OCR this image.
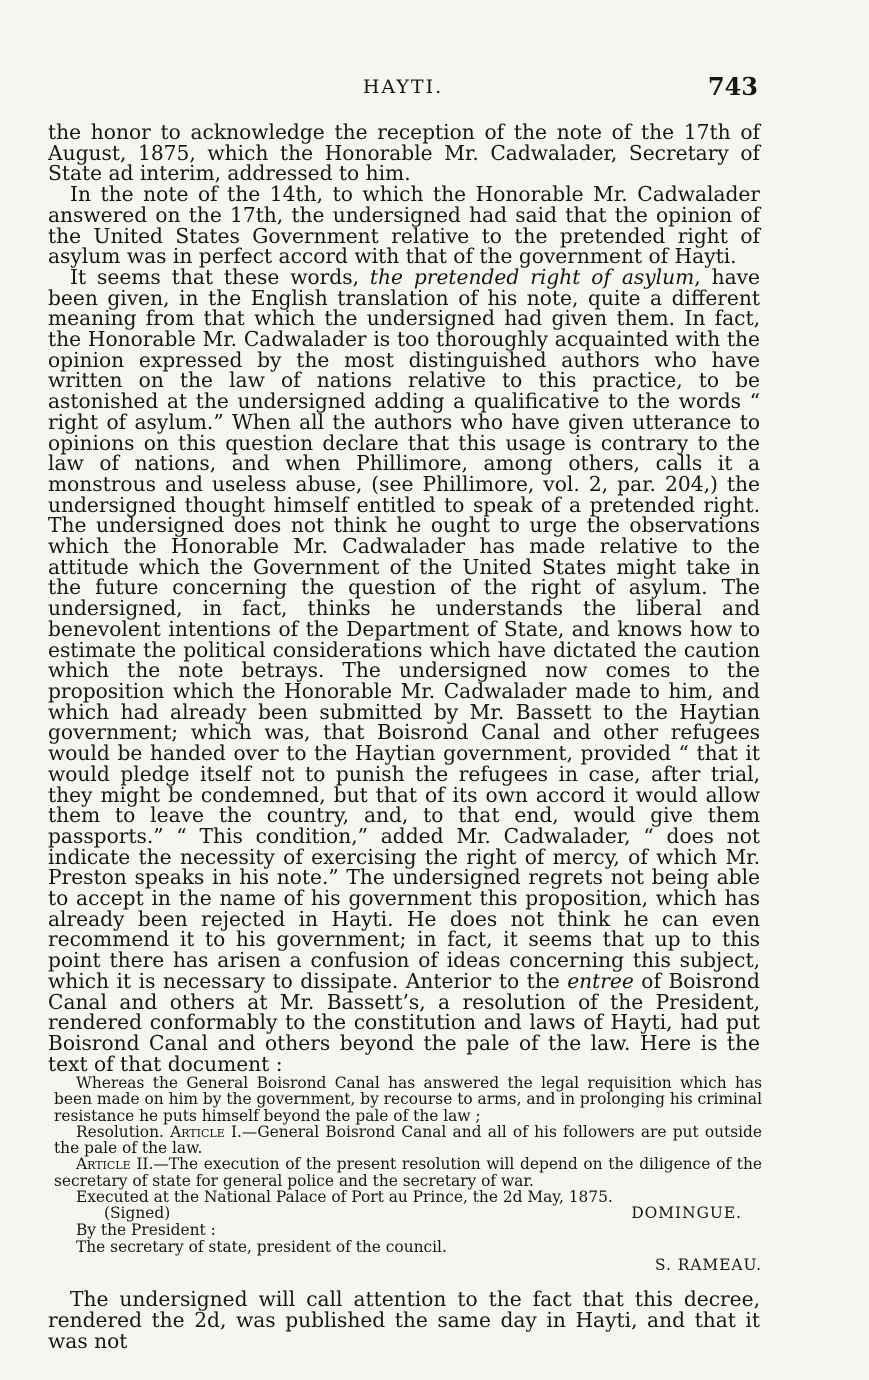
HAYTI.	743

the honor to acknowledge the reception of the note of the 17th of August, 1875, which the Honorable Mr. Cadwalader, Secretary of State ad interim, addressed to him.

In the note of the 14th, to which the Honorable Mr. Cadwalader answered on the 17th, the undersigned had said that the opinion of the United States Government relative to the pretended right of asylum was in perfect accord with that of the government of Hayti.

It seems that these words, the pretended right of asylum, have been given, in the English translation of his note, quite a different meaning from that which the undersigned had given them. In fact, the Honorable Mr. Cadwalader is too thoroughly acquainted with the opinion expressed by the most distinguished authors who have written on the law of nations relative to this practice, to be astonished at the undersigned adding a qualificative to the words “ right of asylum.” When all the authors who have given utterance to opinions on this question declare that this usage is contrary to the law of nations, and when Phillimore, among others, calls it a monstrous and useless abuse, (see Phillimore, vol. 2, par. 204,) the undersigned thought himself entitled to speak of a pretended right. The undersigned does not think he ought to urge the observations which the Honorable Mr. Cadwalader has made relative to the attitude which the Government of the United States might take in the future concerning the question of the right of asylum. The undersigned, in fact, thinks he understands the liberal and benevolent intentions of the Department of State, and knows how to estimate the political considerations which have dictated the caution which the note betrays. The undersigned now comes to the proposition which the Honorable Mr. Cadwalader made to him, and which had already been submitted by Mr. Bassett to the Haytian government; which was, that Boisrond Canal and other refugees would be handed over to the Haytian government, provided “ that it would pledge itself not to punish the refugees in case, after trial, they might be condemned, but that of its own accord it would allow them to leave the country, and, to that end, would give them passports.” “ This condition,” added Mr. Cadwalader, “ does not indicate the necessity of exercising the right of mercy, of which Mr. Preston speaks in his note.” The undersigned regrets not being able to accept in the name of his government this proposition, which has already been rejected in Hayti. He does not think he can even recommend it to his government; in fact, it seems that up to this point there has arisen a confusion of ideas concerning this subject, which it is necessary to dissipate. Anterior to the entree of Boisrond Canal and others at Mr. Bassett’s, a resolution of the President, rendered conformably to the constitution and laws of Hayti, had put Boisrond Canal and others beyond the pale of the law. Here is the text of that document :

Whereas the General Boisrond Canal has answered the legal requisition which has been made on him by the government, by recourse to arms, and in prolonging his criminal resistance he puts himself beyond the pale of the law ;

Resolution. Article I.—General Boisrond Canal and all of his followers are put outside the pale of the law.

Article II.—The execution of the present resolution will depend on the diligence of the secretary of state for general police and the secretary of war.

Executed at the National Palace of Port au Prince, the 2d May, 1875.

(Signed)	DOMINGUE.

By the President :

The secretary of state, president of the council.

S. RAMEAU.

The undersigned will call attention to the fact that this decree, rendered the 2d, was published the same day in Hayti, and that it was not
